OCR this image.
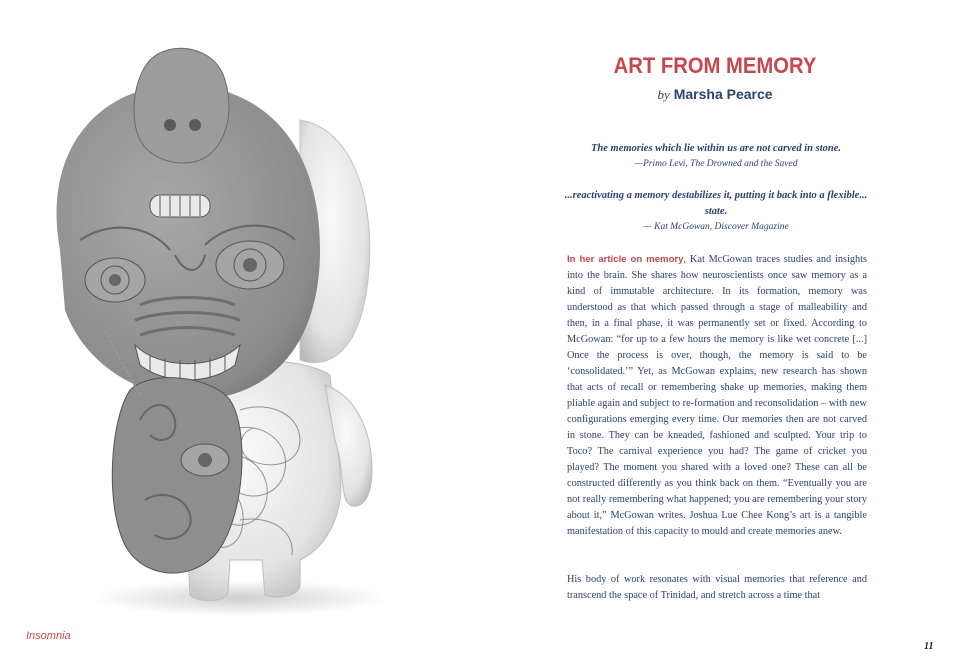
ART FROM MEMORY
by Marsha Pearce
The memories which lie within us are not carved in stone.
—Primo Levi, The Drowned and the Saved
...reactivating a memory destabilizes it, putting it back into a flexible... state.
— Kat McGowan, Discover Magazine

In her article on memory, Kat McGowan traces studies and insights into the brain. She shares how neuroscientists once saw memory as a kind of immutable architecture. In its formation, memory was understood as that which passed through a stage of malleability and then, in a final phase, it was permanently set or fixed. According to McGowan: “for up to a few hours the memory is like wet concrete [...] Once the process is over, though, the memory is said to be ‘consolidated.’” Yet, as McGowan explains, new research has shown that acts of recall or remembering shake up memories, making them pliable again and subject to re-formation and reconsolidation – with new configurations emerging every time. Our memories then are not carved in stone. They can be kneaded, fashioned and sculpted. Your trip to Toco? The carnival experience you had? The game of cricket you played? The moment you shared with a loved one? These can all be constructed differently as you think back on them. “Eventually you are not really remembering what happened; you are remembering your story about it,” McGowan writes. Joshua Lue Chee Kong’s art is a tangible manifestation of this capacity to mould and create memories anew.

His body of work resonates with visual memories that reference and transcend the space of Trinidad, and stretch across a time that

Insomnia
11
